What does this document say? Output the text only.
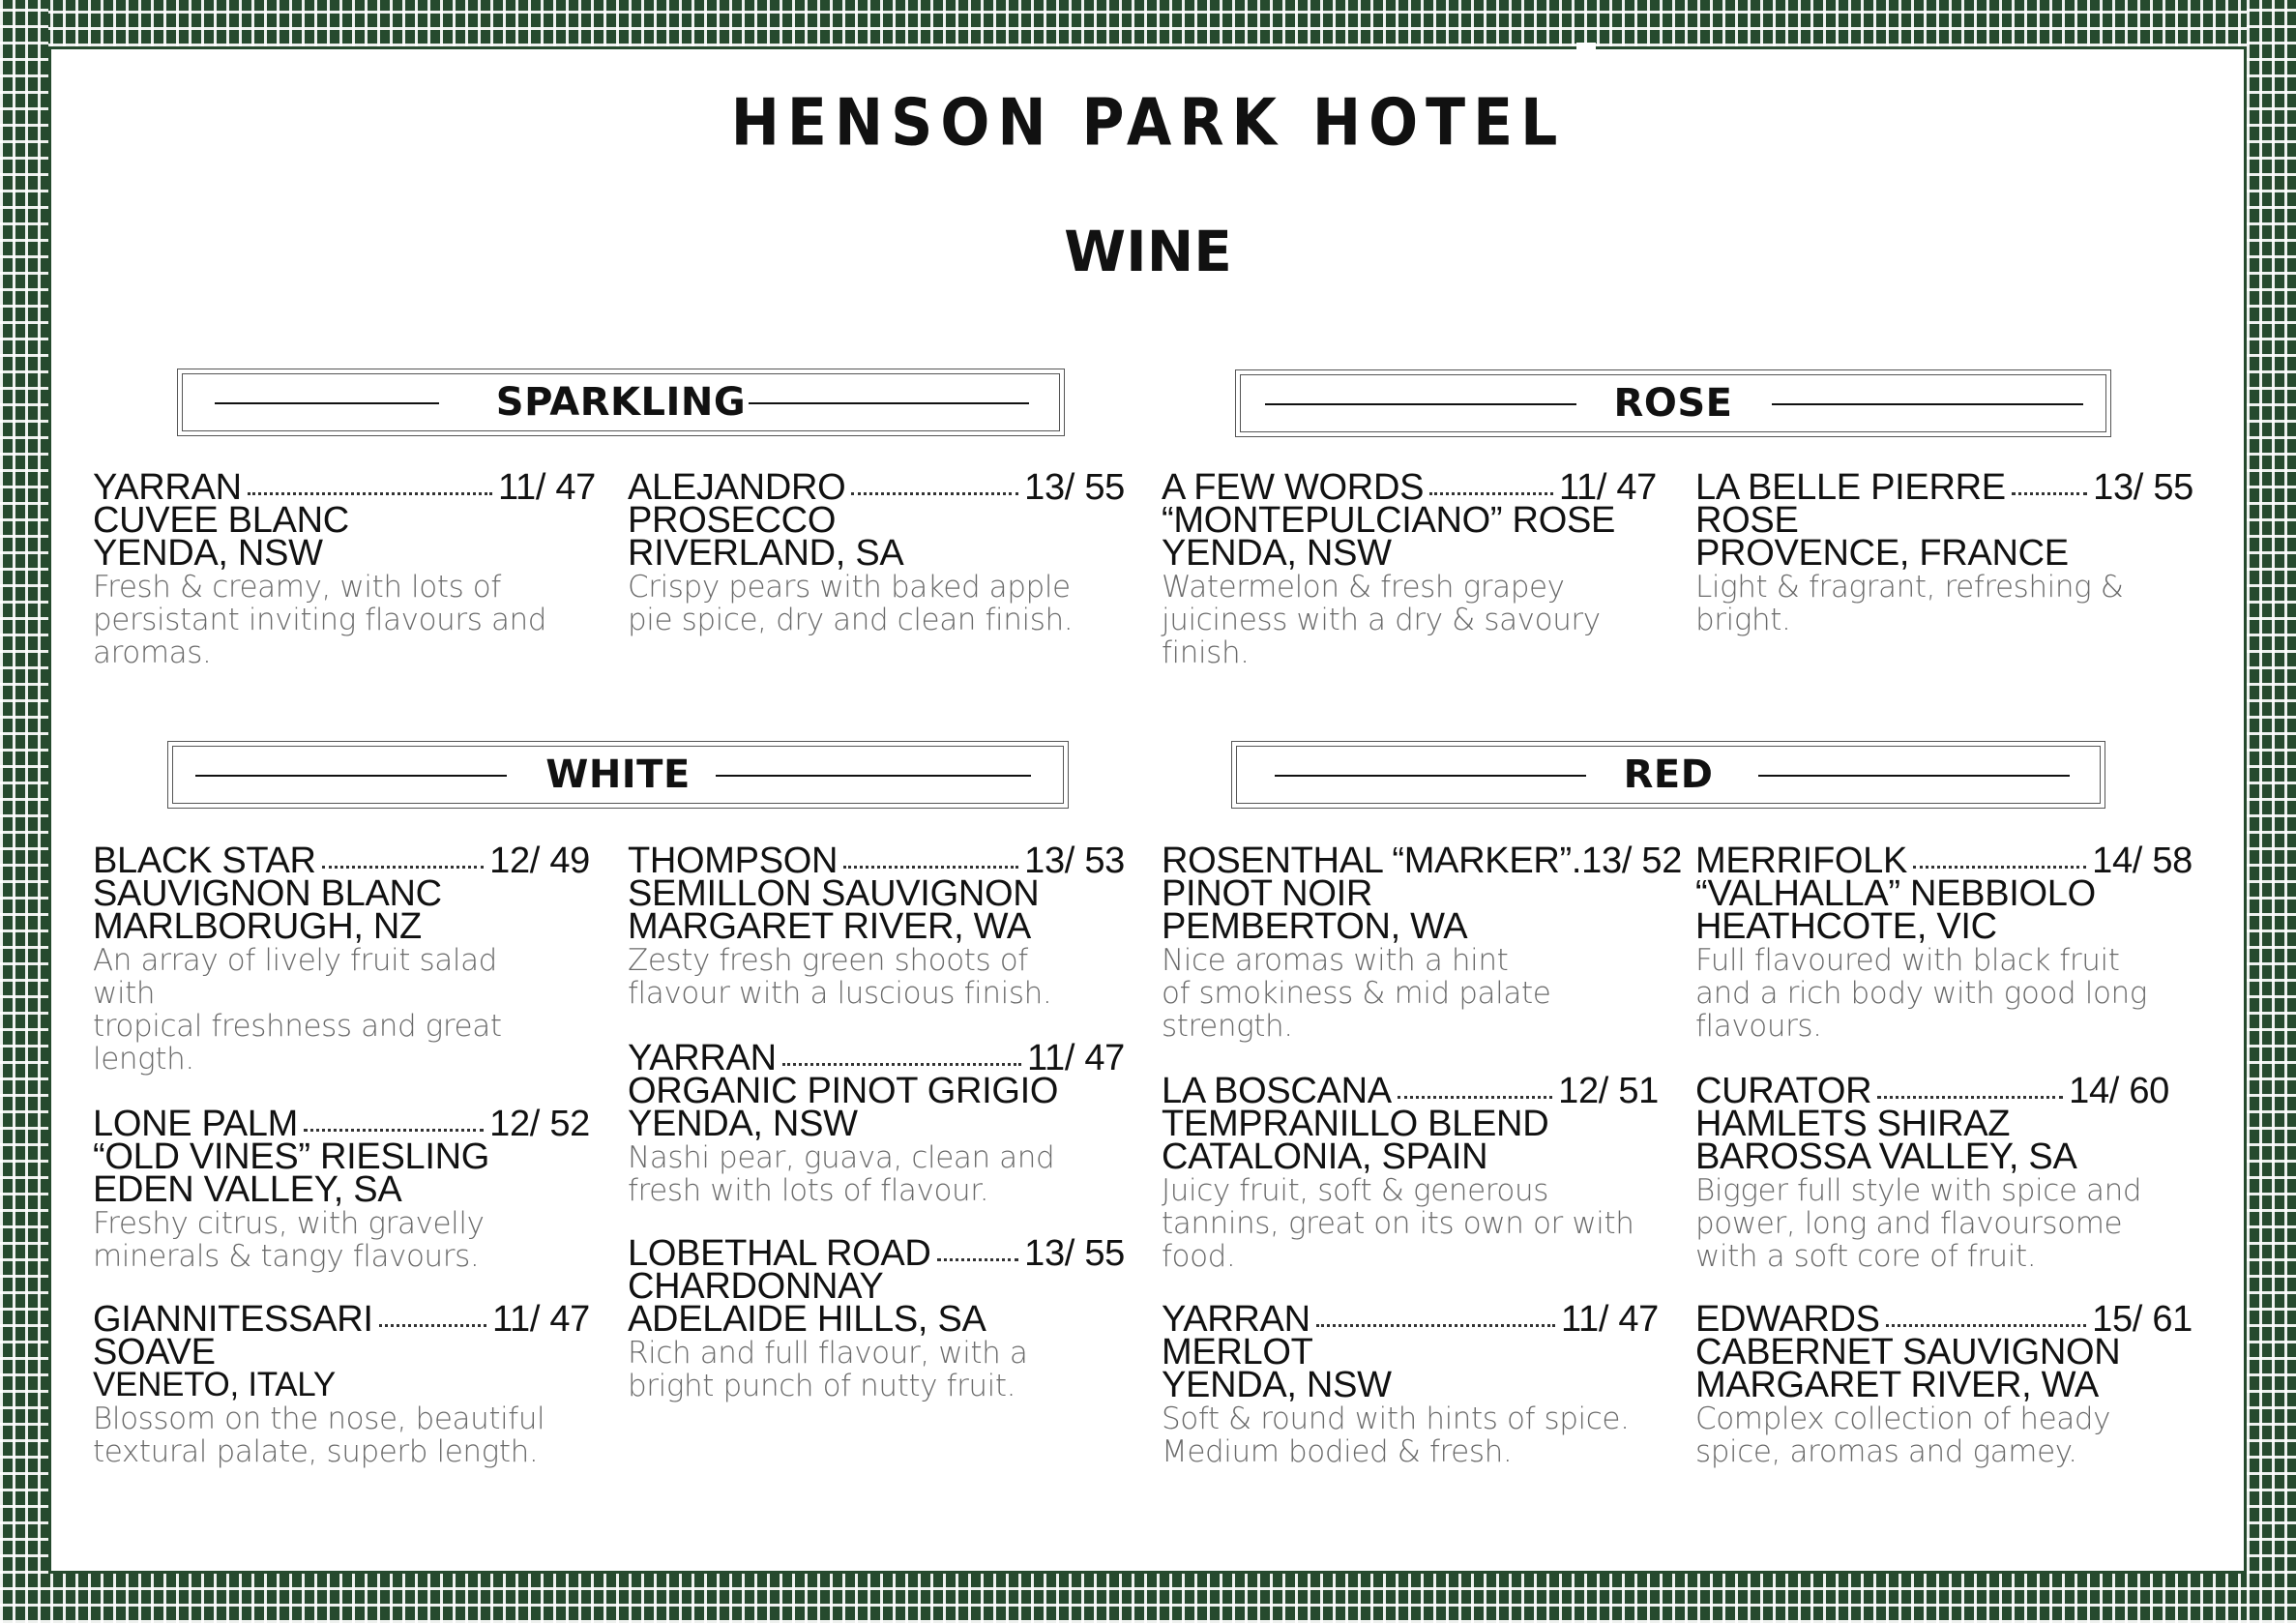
HENSON PARK HOTEL
WINE
SPARKLING	ROSE
WHITE	RED
YARRAN	11/ 47
CUVEE BLANC
YENDA, NSW
Fresh & creamy, with lots of
persistant inviting flavours and
aromas.
ALEJANDRO	13/ 55
PROSECCO
RIVERLAND, SA
Crispy pears with baked apple
pie spice, dry and clean finish.
A FEW WORDS	11/ 47
“MONTEPULCIANO” ROSE
YENDA, NSW
Watermelon & fresh grapey
juiciness with a dry & savoury
finish.
LA BELLE PIERRE 13/ 55
ROSE
PROVENCE, FRANCE
Light & fragrant, refreshing &
bright.
BLACK STAR	12/ 49
SAUVIGNON BLANC
MARLBORUGH, NZ
An array of lively fruit salad
with
tropical freshness and great
length.
LONE PALM	12/ 52
“OLD VINES” RIESLING
EDEN VALLEY, SA
Freshy citrus, with gravelly
minerals & tangy flavours.
GIANNITESSARI	11/ 47
SOAVE
VENETO, ITALY
Blossom on the nose, beautiful
textural palate, superb length.
THOMPSON	13/ 53
SEMILLON SAUVIGNON
MARGARET RIVER, WA
Zesty fresh green shoots of
flavour with a luscious finish.
YARRAN	11/ 47
ORGANIC PINOT GRIGIO
YENDA, NSW
Nashi pear, guava, clean and
fresh with lots of flavour.
LOBETHAL ROAD	13/ 55
CHARDONNAY
ADELAIDE HILLS, SA
Rich and full flavour, with a
bright punch of nutty fruit.
ROSENTHAL “MARKER”. 13/ 52
PINOT NOIR
PEMBERTON, WA
Nice aromas with a hint
of smokiness & mid palate
strength.
LA BOSCANA	12/ 51
TEMPRANILLO BLEND
CATALONIA, SPAIN
Juicy fruit, soft & generous
tannins, great on its own or with
food.
YARRAN	11/ 47
MERLOT
YENDA, NSW
Soft & round with hints of spice.
Medium bodied & fresh.
MERRIFOLK	14/ 58
“VALHALLA” NEBBIOLO
HEATHCOTE, VIC
Full flavoured with black fruit
and a rich body with good long
flavours.
CURATOR	14/ 60
HAMLETS SHIRAZ
BAROSSA VALLEY, SA
Bigger full style with spice and
power, long and flavoursome
with a soft core of fruit.
EDWARDS	15/ 61
CABERNET SAUVIGNON
MARGARET RIVER, WA
Complex collection of heady
spice, aromas and gamey.
